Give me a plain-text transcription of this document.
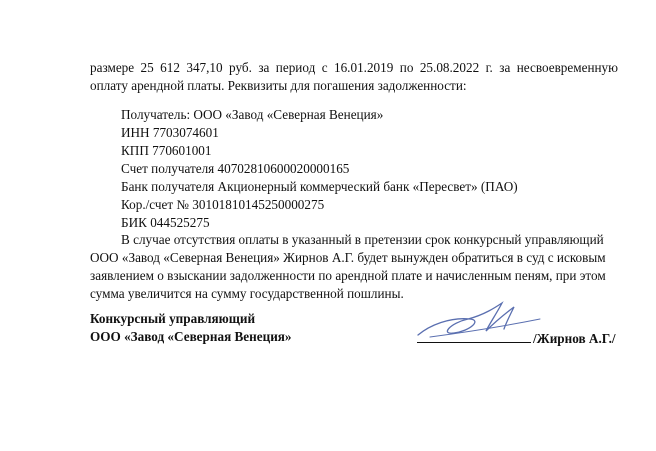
размере 25 612 347,10 руб. за период с 16.01.2019 по 25.08.2022 г. за несвоевременную
оплату арендной платы. Реквизиты для погашения задолженности:
Получатель: ООО «Завод «Северная Венеция»
ИНН 7703074601
КПП 770601001
Счет получателя 40702810600020000165
Банк получателя Акционерный коммерческий банк «Пересвет» (ПАО)
Кор./счет № 30101810145250000275
БИК 044525275
В случае отсутствия оплаты в указанный в претензии срок конкурсный управляющий
ООО «Завод «Северная Венеция» Жирнов А.Г. будет вынужден обратиться в суд с исковым
заявлением о взыскании задолженности по арендной плате и начисленным пеням, при этом
сумма увеличится на сумму государственной пошлины.
Конкурсный управляющий
ООО «Завод «Северная Венеция»	/Жирнов А.Г./
